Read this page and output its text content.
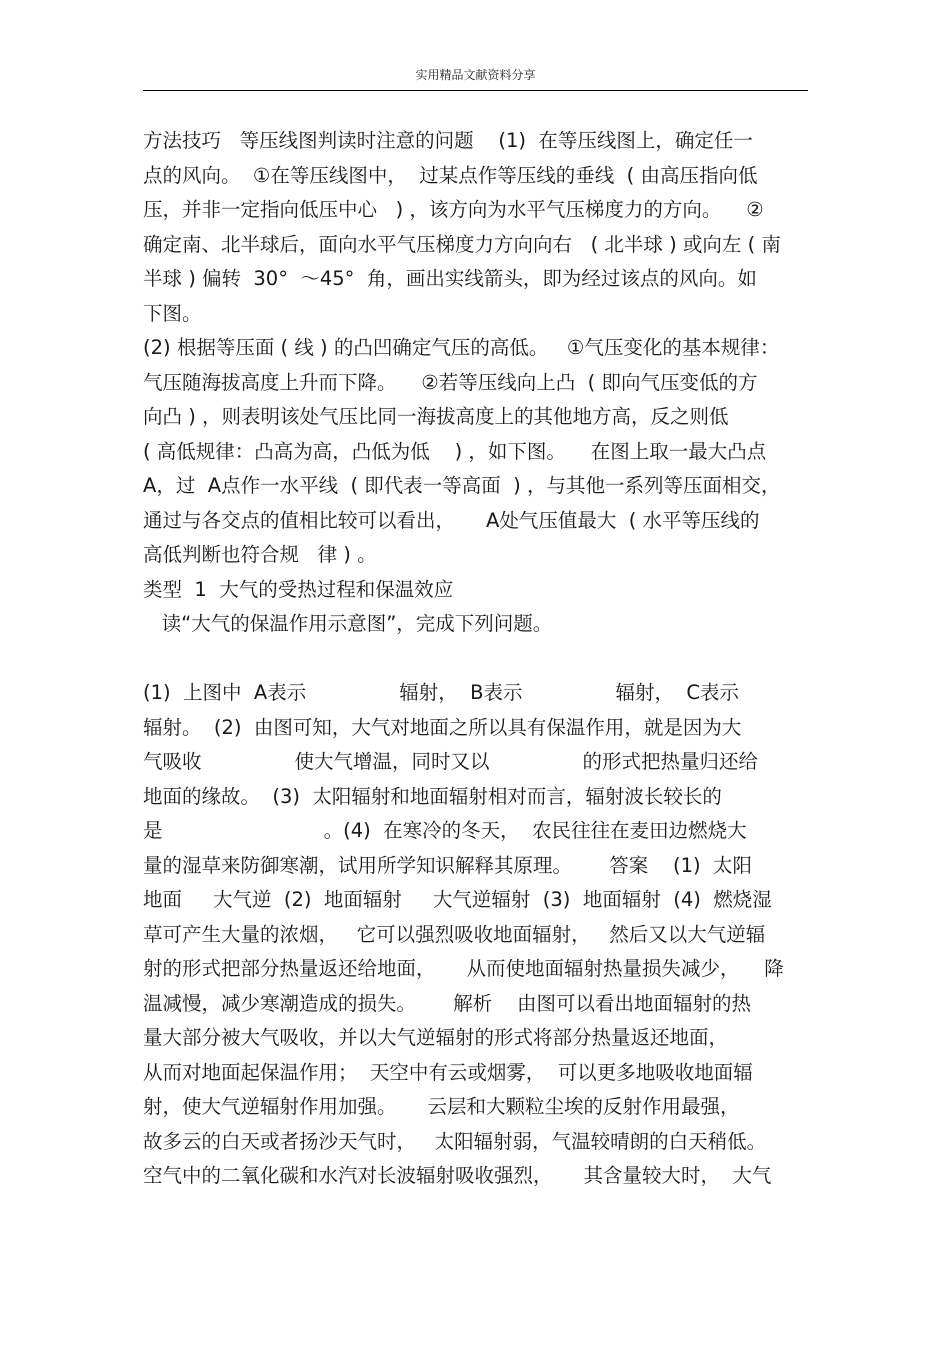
实用精品文献资料分享
方法技巧   等压线图判读时注意的问题    (1)  在等压线图上，确定任一
点的风向。  ①在等压线图中，  过某点作等压线的垂线  ( 由高压指向低
压，并非一定指向低压中心   ) ，该方向为水平气压梯度力的方向。    ②
确定南、北半球后，面向水平气压梯度力方向向右   ( 北半球 ) 或向左 ( 南
半球 ) 偏转  30°  ～45°  角，画出实线箭头，即为经过该点的风向。如
下图。
(2) 根据等压面 ( 线 ) 的凸凹确定气压的高低。   ①气压变化的基本规律：
气压随海拔高度上升而下降。    ②若等压线向上凸  ( 即向气压变低的方
向凸 ) ，则表明该处气压比同一海拔高度上的其他地方高，反之则低
( 高低规律：凸高为高，凸低为低    ) ，如下图。    在图上取一最大凸点
A，过  A点作一水平线  ( 即代表一等高面  ) ，与其他一系列等压面相交，
通过与各交点的值相比较可以看出，     A处气压值最大  ( 水平等压线的
高低判断也符合规   律 ) 。
类型  1  大气的受热过程和保温效应
读“大气的保温作用示意图”，完成下列问题。
(1)  上图中  A表示               辐射，  B表示               辐射，  C表示
辐射。  (2)  由图可知，大气对地面之所以具有保温作用，就是因为大
气吸收               使大气增温，同时又以               的形式把热量归还给
地面的缘故。  (3)  太阳辐射和地面辐射相对而言，辐射波长较长的
是                          。(4)  在寒冷的冬天，  农民往往在麦田边燃烧大
量的湿草来防御寒潮，试用所学知识解释其原理。      答案    (1)  太阳
地面     大气逆  (2)  地面辐射     大气逆辐射  (3)  地面辐射  (4)  燃烧湿
草可产生大量的浓烟，   它可以强烈吸收地面辐射，   然后又以大气逆辐
射的形式把部分热量返还给地面，     从而使地面辐射热量损失减少，    降
温减慢，减少寒潮造成的损失。      解析    由图可以看出地面辐射的热
量大部分被大气吸收，并以大气逆辐射的形式将部分热量返还地面，
从而对地面起保温作用；  天空中有云或烟雾，  可以更多地吸收地面辐
射，使大气逆辐射作用加强。     云层和大颗粒尘埃的反射作用最强，
故多云的白天或者扬沙天气时，   太阳辐射弱，气温较晴朗的白天稍低。
空气中的二氧化碳和水汽对长波辐射吸收强烈，     其含量较大时，  大气
